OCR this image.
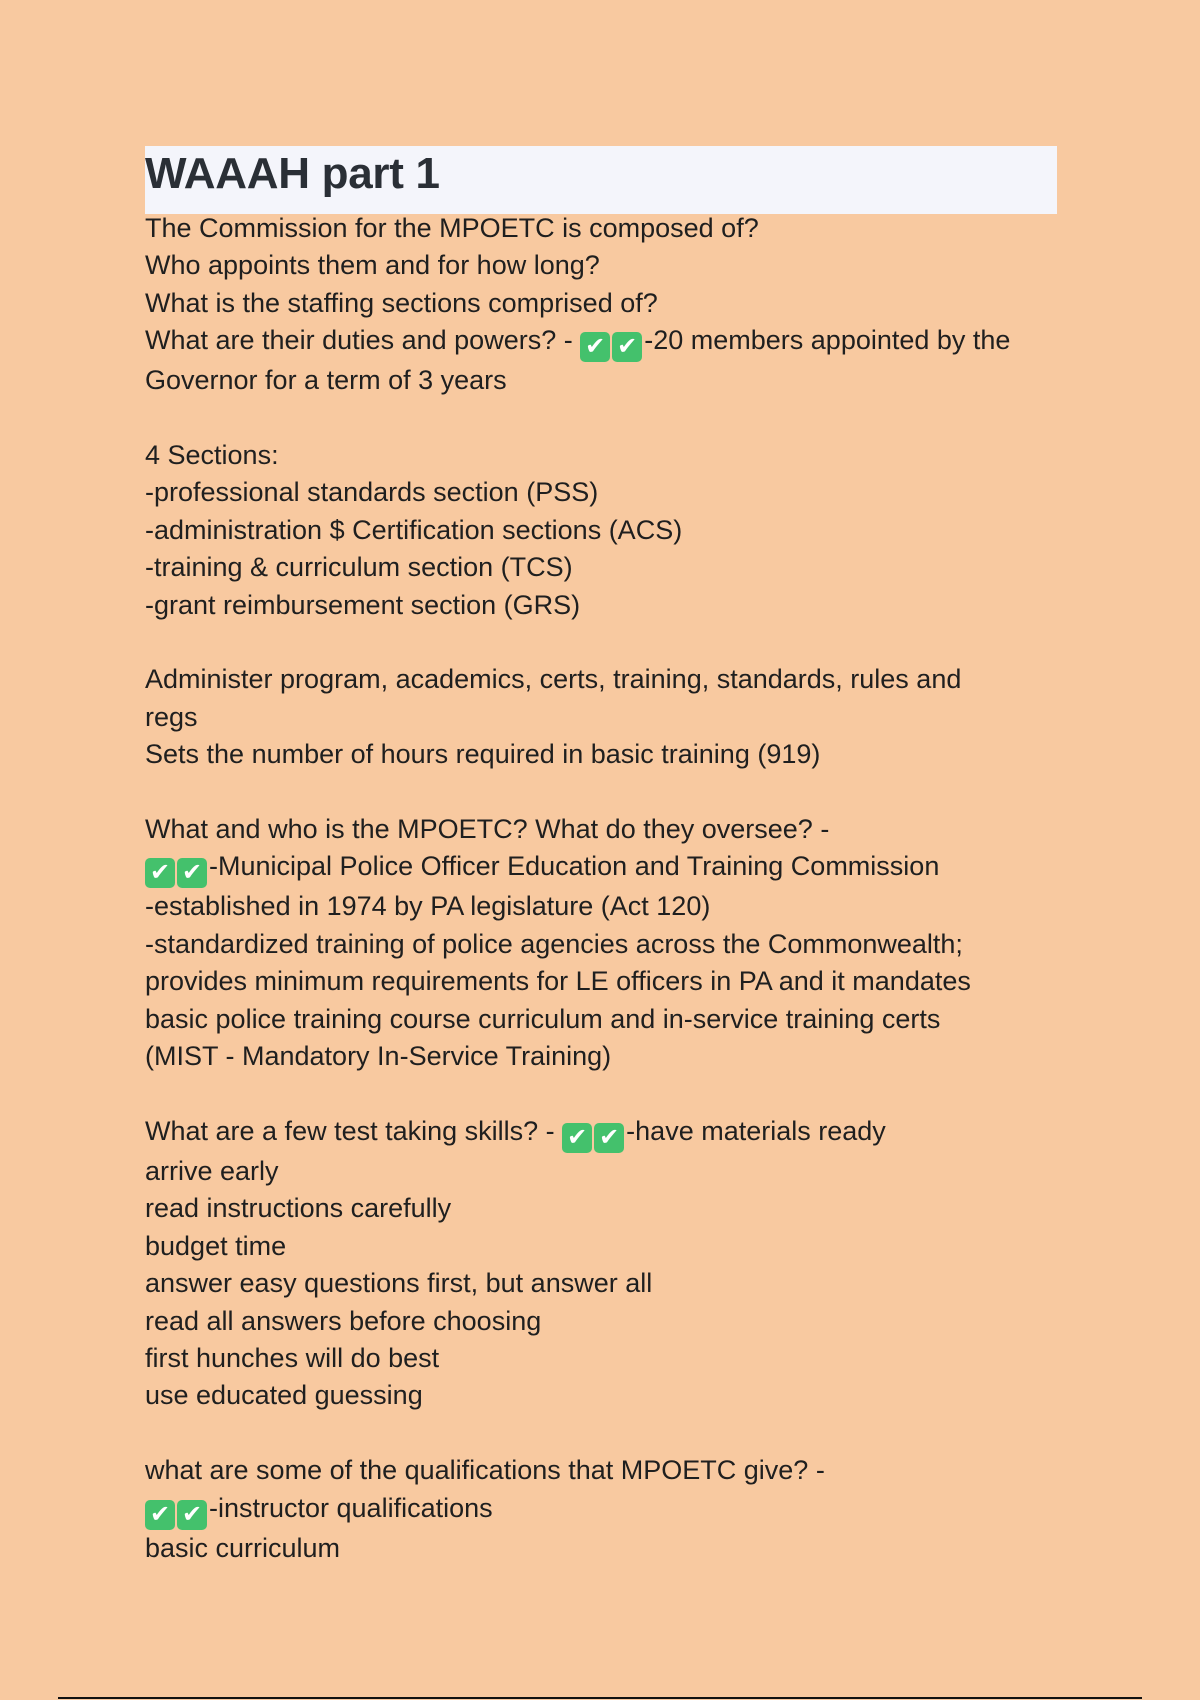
WAAAH part 1
The Commission for the MPOETC is composed of?
Who appoints them and for how long?
What is the staffing sections comprised of?
What are their duties and powers? - ✔ ✔ -20 members appointed by the
Governor for a term of 3 years
4 Sections:
-professional standards section (PSS)
-administration $ Certification sections (ACS)
-training & curriculum section (TCS)
-grant reimbursement section (GRS)
Administer program, academics, certs, training, standards, rules and
regs
Sets the number of hours required in basic training (919)
What and who is the MPOETC? What do they oversee? -
✔ ✔ -Municipal Police Officer Education and Training Commission
-established in 1974 by PA legislature (Act 120)
-standardized training of police agencies across the Commonwealth;
provides minimum requirements for LE officers in PA and it mandates
basic police training course curriculum and in-service training certs
(MIST - Mandatory In-Service Training)
What are a few test taking skills? - ✔ ✔ -have materials ready
arrive early
read instructions carefully
budget time
answer easy questions first, but answer all
read all answers before choosing
first hunches will do best
use educated guessing
what are some of the qualifications that MPOETC give? -
✔ ✔ -instructor qualifications
basic curriculum
